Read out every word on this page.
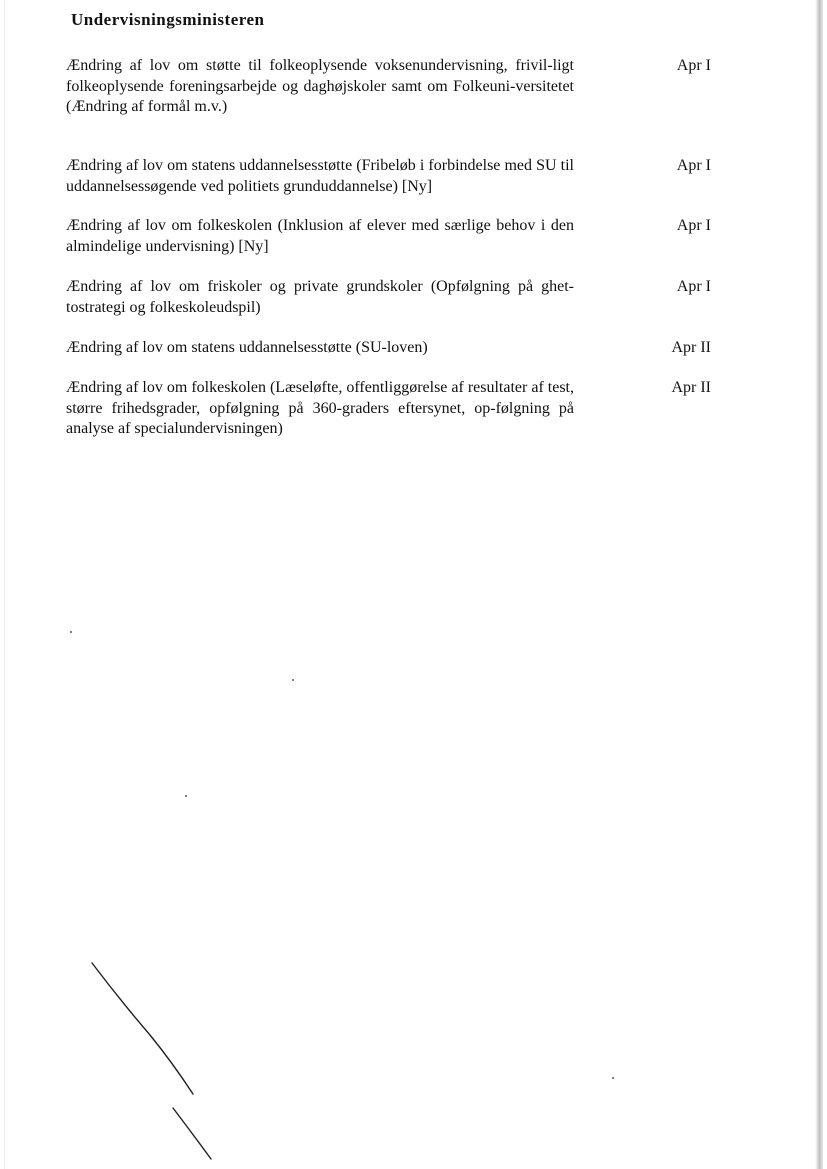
Undervisningsministeren
Ændring af lov om støtte til folkeoplysende voksenundervisning, frivil-ligt folkeoplysende foreningsarbejde og daghøjskoler samt om Folkeuni-versitetet (Ændring af formål m.v.)
Apr I
Ændring af lov om statens uddannelsesstøtte (Fribeløb i forbindelse med SU til uddannelsessøgende ved politiets grunduddannelse) [Ny]
Apr I
Ændring af lov om folkeskolen (Inklusion af elever med særlige behov i den almindelige undervisning) [Ny]
Apr I
Ændring af lov om friskoler og private grundskoler (Opfølgning på ghet-tostrategi og folkeskoleudspil)
Apr I
Ændring af lov om statens uddannelsesstøtte (SU-loven)	Apr II
Ændring af lov om folkeskolen (Læseløfte, offentliggørelse af resultater af test, større frihedsgrader, opfølgning på 360-graders eftersynet, op-følgning på analyse af specialundervisningen)
Apr II
